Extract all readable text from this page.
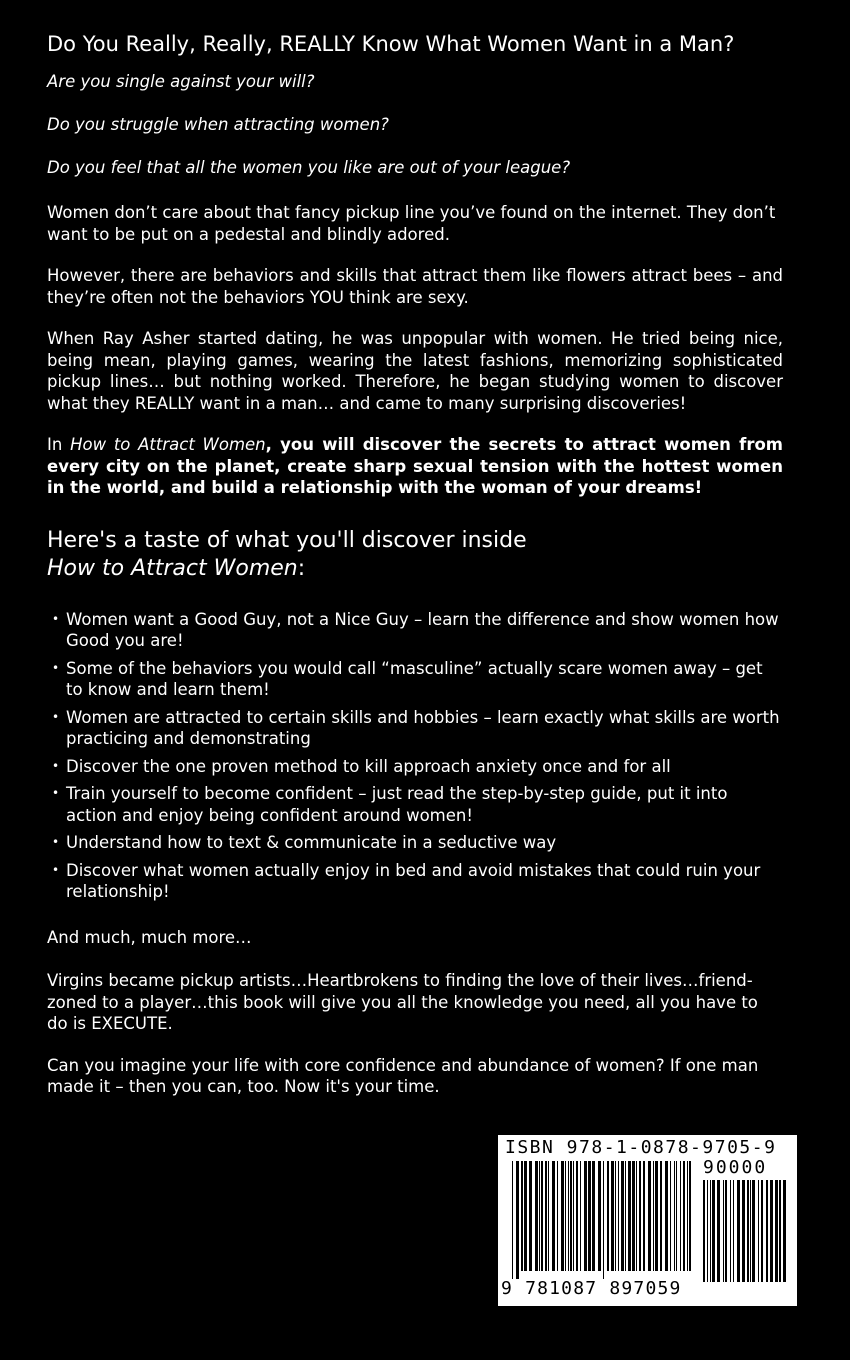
Do You Really, Really, REALLY Know What Women Want in a Man?

Are you single against your will?

Do you struggle when attracting women?

Do you feel that all the women you like are out of your league?

Women don’t care about that fancy pickup line you’ve found on the internet. They don’t want to be put on a pedestal and blindly adored.

However, there are behaviors and skills that attract them like flowers attract bees – and they’re often not the behaviors YOU think are sexy.

When Ray Asher started dating, he was unpopular with women. He tried being nice, being mean, playing games, wearing the latest fashions, memorizing sophisticated pickup lines… but nothing worked. Therefore, he began studying women to discover what they REALLY want in a man… and came to many surprising discoveries!

In How to Attract Women, you will discover the secrets to attract women from every city on the planet, create sharp sexual tension with the hottest women in the world, and build a relationship with the woman of your dreams!

Here's a taste of what you'll discover inside
How to Attract Women:
• Women want a Good Guy, not a Nice Guy – learn the difference and show women how Good you are!
• Some of the behaviors you would call “masculine” actually scare women away – get to know and learn them!
• Women are attracted to certain skills and hobbies – learn exactly what skills are worth practicing and demonstrating
• Discover the one proven method to kill approach anxiety once and for all
• Train yourself to become confident – just read the step-by-step guide, put it into action and enjoy being confident around women!
• Understand how to text & communicate in a seductive way
• Discover what women actually enjoy in bed and avoid mistakes that could ruin your relationship!

And much, much more…

Virgins became pickup artists…Heartbrokens to finding the love of their lives…friend-zoned to a player…this book will give you all the knowledge you need, all you have to do is EXECUTE.

Can you imagine your life with core confidence and abundance of women? If one man made it – then you can, too. Now it's your time.

ISBN 978-1-0878-9705-9
90000
9 781087 897059
